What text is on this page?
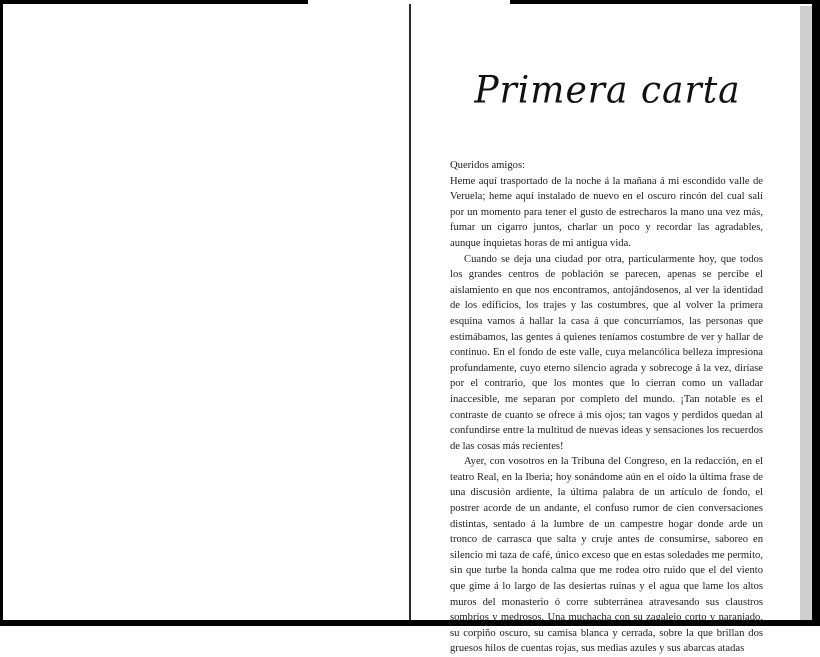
Primera carta

Queridos amigos:

Heme aquí trasportado de la noche á la mañana á mi escondido valle de Veruela; heme aquí instalado de nuevo en el oscuro rincón del cual salí por un momento para tener el gusto de estrecharos la mano una vez más, fumar un cigarro juntos, charlar un poco y recordar las agradables, aunque inquietas horas de mi antigua vida.

Cuando se deja una ciudad por otra, particularmente hoy, que todos los grandes centros de población se parecen, apenas se percibe el aislamiento en que nos encontramos, antojándosenos, al ver la identidad de los edificios, los trajes y las costumbres, que al volver la primera esquina vamos á hallar la casa á que concurríamos, las personas que estimábamos, las gentes á quienes teníamos costumbre de ver y hallar de continuo. En el fondo de este valle, cuya melancólica belleza impresiona profundamente, cuyo eterno silencio agrada y sobrecoge á la vez, diríase por el contrario, que los montes que lo cierran como un valladar inaccesible, me separan por completo del mundo. ¡Tan notable es el contraste de cuanto se ofrece á mis ojos; tan vagos y perdidos quedan al confundirse entre la multitud de nuevas ideas y sensaciones los recuerdos de las cosas más recientes!

Ayer, con vosotros en la Tribuna del Congreso, en la redacción, en el teatro Real, en la Iberia; hoy sonándome aún en el oído la última frase de una discusión ardiente, la última palabra de un artículo de fondo, el postrer acorde de un andante, el confuso rumor de cien conversaciones distintas, sentado á la lumbre de un campestre hogar donde arde un tronco de carrasca que salta y cruje antes de consumirse, saboreo en silencio mi taza de café, único exceso que en estas soledades me permito, sin que turbe la honda calma que me rodea otro ruido que el del viento que gime á lo largo de las desiertas ruinas y el agua que lame los altos muros del monasterio ó corre subterránea atravesando sus claustros sombríos y medrosos. Una muchacha con su zagalejo corto y naranjado, su corpiño oscuro, su camisa blanca y cerrada, sobre la que brillan dos gruesos hilos de cuentas rojas, sus medias azules y sus abarcas atadas
